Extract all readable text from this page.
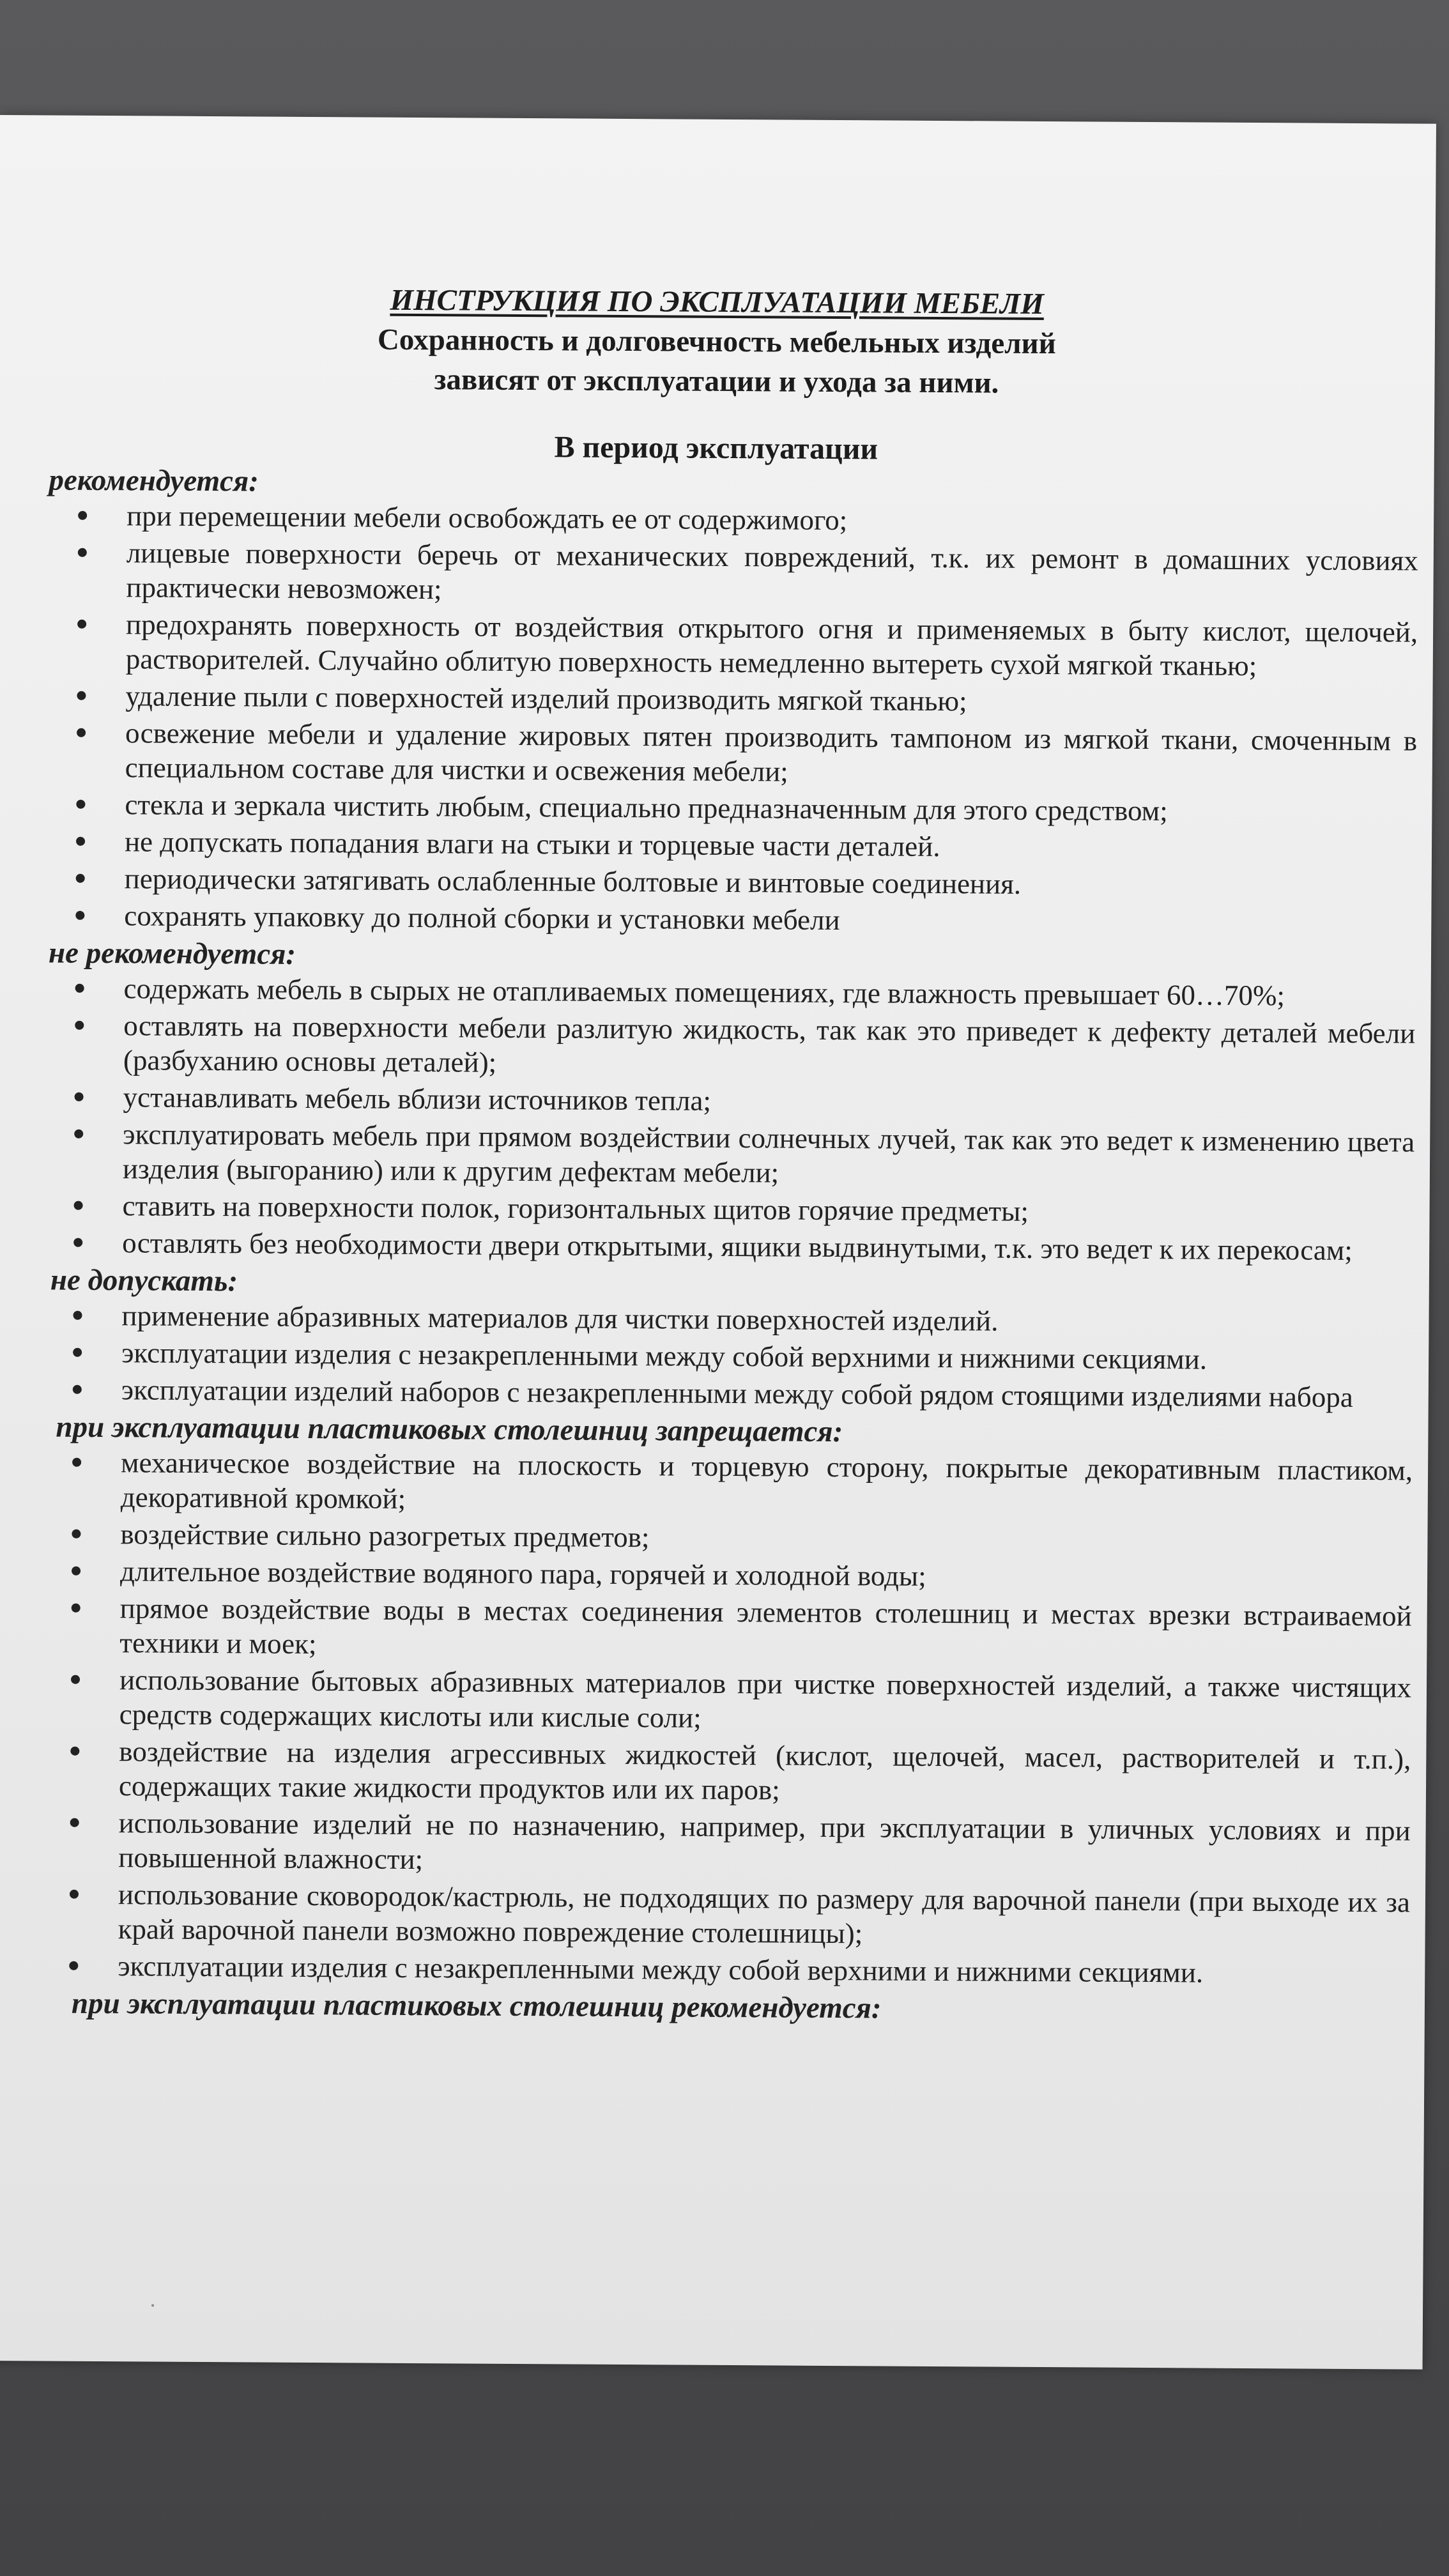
ИНСТРУКЦИЯ ПО ЭКСПЛУАТАЦИИ МЕБЕЛИ
Сохранность и долговечность мебельных изделий
зависят от эксплуатации и ухода за ними.
В период эксплуатации
рекомендуется:
при перемещении мебели освобождать ее от содержимого;
лицевые поверхности беречь от механических повреждений, т.к. их ремонт в домашних условиях практически невозможен;
предохранять поверхность от воздействия открытого огня и применяемых в быту кислот, щелочей, растворителей. Случайно облитую поверхность немедленно вытереть сухой мягкой тканью;
удаление пыли с поверхностей изделий производить мягкой тканью;
освежение мебели и удаление жировых пятен производить тампоном из мягкой ткани, смоченным в специальном составе для чистки и освежения мебели;
стекла и зеркала чистить любым, специально предназначенным для этого средством;
не допускать попадания влаги на стыки и торцевые части деталей.
периодически затягивать ослабленные болтовые и винтовые соединения.
сохранять упаковку до полной сборки и установки мебели
не рекомендуется:
содержать мебель в сырых не отапливаемых помещениях, где влажность превышает 60…70%;
оставлять на поверхности мебели разлитую жидкость, так как это приведет к дефекту деталей мебели (разбуханию основы деталей);
устанавливать мебель вблизи источников тепла;
эксплуатировать мебель при прямом воздействии солнечных лучей, так как это ведет к изменению цвета изделия (выгоранию) или к другим дефектам мебели;
ставить на поверхности полок, горизонтальных щитов горячие предметы;
оставлять без необходимости двери открытыми, ящики выдвинутыми, т.к. это ведет к их перекосам;
не допускать:
применение абразивных материалов для чистки поверхностей изделий.
эксплуатации изделия с незакрепленными между собой верхними и нижними секциями.
эксплуатации изделий наборов с незакрепленными между собой рядом стоящими изделиями набора
при эксплуатации пластиковых столешниц запрещается:
механическое воздействие на плоскость и торцевую сторону, покрытые декоративным пластиком, декоративной кромкой;
воздействие сильно разогретых предметов;
длительное воздействие водяного пара, горячей и холодной воды;
прямое воздействие воды в местах соединения элементов столешниц и местах врезки встраиваемой техники и моек;
использование бытовых абразивных материалов при чистке поверхностей изделий, а также чистящих средств содержащих кислоты или кислые соли;
воздействие на изделия агрессивных жидкостей (кислот, щелочей, масел, растворителей и т.п.), содержащих такие жидкости продуктов или их паров;
использование изделий не по назначению, например, при эксплуатации в уличных условиях и при повышенной влажности;
использование сковородок/кастрюль, не подходящих по размеру для варочной панели (при выходе их за край варочной панели возможно повреждение столешницы);
эксплуатации изделия с незакрепленными между собой верхними и нижними секциями.
при эксплуатации пластиковых столешниц рекомендуется:
